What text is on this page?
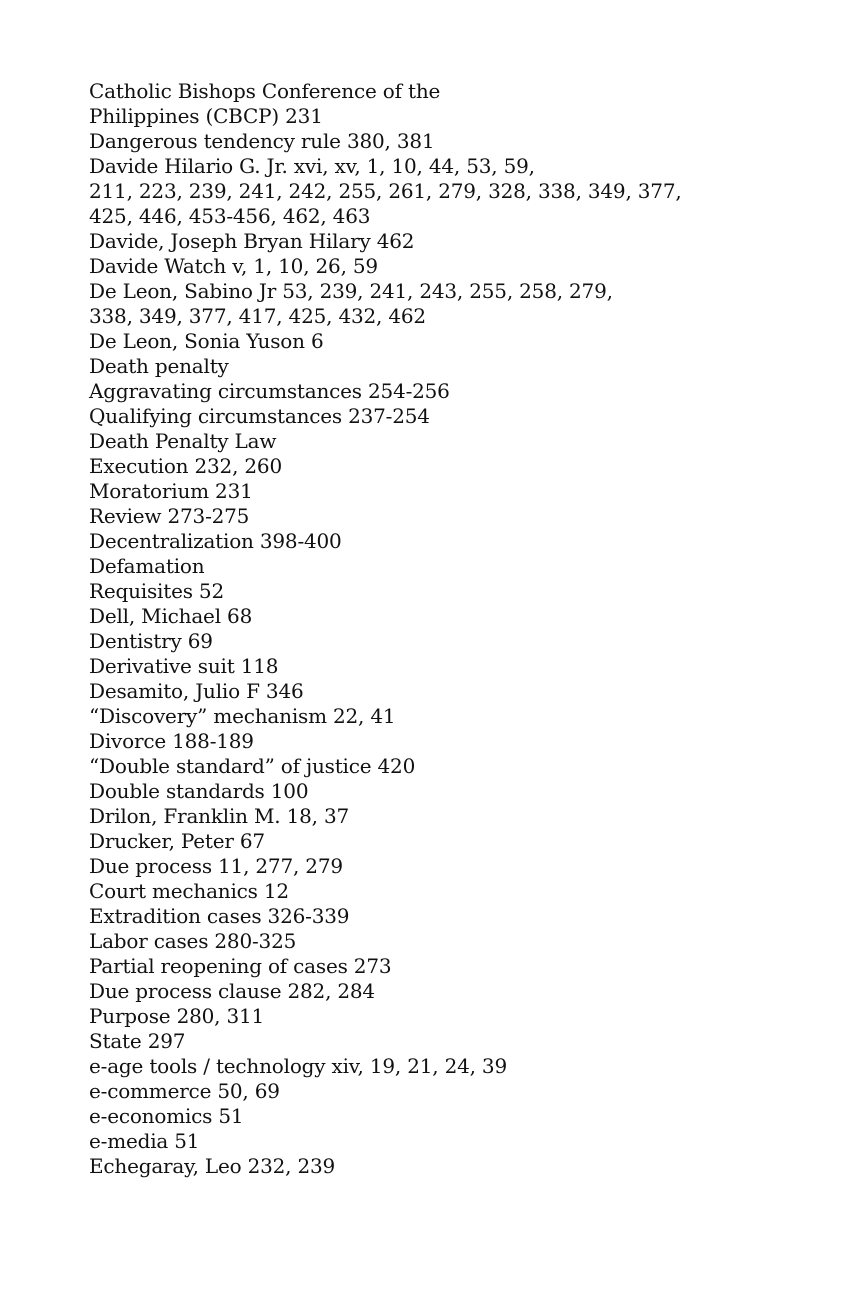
Catholic Bishops Conference of the
Philippines (CBCP) 231
Dangerous tendency rule 380, 381
Davide Hilario G. Jr. xvi, xv, 1, 10, 44, 53, 59,
211, 223, 239, 241, 242, 255, 261, 279, 328, 338, 349, 377,
425, 446, 453-456, 462, 463
Davide, Joseph Bryan Hilary 462
Davide Watch v, 1, 10, 26, 59
De Leon, Sabino Jr 53, 239, 241, 243, 255, 258, 279,
338, 349, 377, 417, 425, 432, 462
De Leon, Sonia Yuson 6
Death penalty
Aggravating circumstances 254-256
Qualifying circumstances 237-254
Death Penalty Law
Execution 232, 260
Moratorium 231
Review 273-275
Decentralization 398-400
Defamation
Requisites 52
Dell, Michael 68
Dentistry 69
Derivative suit 118
Desamito, Julio F 346
“Discovery” mechanism 22, 41
Divorce 188-189
“Double standard” of justice 420
Double standards 100
Drilon, Franklin M. 18, 37
Drucker, Peter 67
Due process 11, 277, 279
Court mechanics 12
Extradition cases 326-339
Labor cases 280-325
Partial reopening of cases 273
Due process clause 282, 284
Purpose 280, 311
State 297
e-age tools / technology xiv, 19, 21, 24, 39
e-commerce 50, 69
e-economics 51
e-media 51
Echegaray, Leo 232, 239
